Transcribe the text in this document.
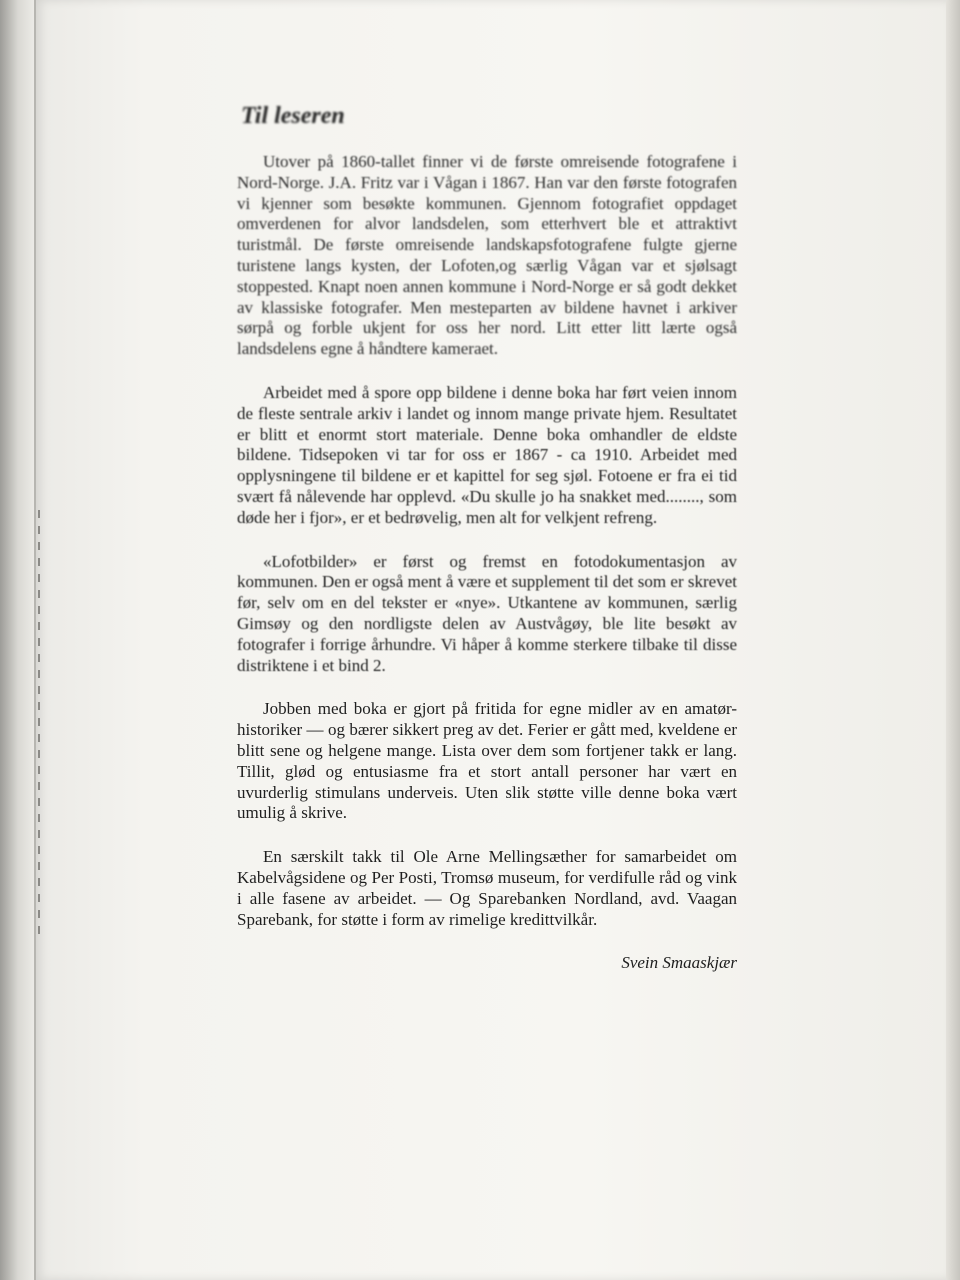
Til leseren

Utover på 1860-tallet finner vi de første omreisende fotografene i Nord-Norge. J.A. Fritz var i Vågan i 1867. Han var den første fotografen vi kjenner som besøkte kommunen. Gjennom fotografiet oppdaget omverdenen for alvor landsdelen, som etterhvert ble et attraktivt turistmål. De første omreisende landskapsfotografene fulgte gjerne turistene langs kysten, der Lofoten,og særlig Vågan var et sjølsagt stoppested. Knapt noen annen kommune i Nord-Norge er så godt dekket av klassiske fotografer. Men mesteparten av bildene havnet i arkiver sørpå og forble ukjent for oss her nord. Litt etter litt lærte også landsdelens egne å håndtere kameraet.

Arbeidet med å spore opp bildene i denne boka har ført veien innom de fleste sentrale arkiv i landet og innom mange private hjem. Resultatet er blitt et enormt stort materiale. Denne boka omhandler de eldste bildene. Tidsepoken vi tar for oss er 1867 - ca 1910. Arbeidet med opplysningene til bildene er et kapittel for seg sjøl. Fotoene er fra ei tid svært få nålevende har opplevd. «Du skulle jo ha snakket med........, som døde her i fjor», er et bedrøvelig, men alt for velkjent refreng.

«Lofotbilder» er først og fremst en fotodokumentasjon av kommunen. Den er også ment å være et supplement til det som er skrevet før, selv om en del tekster er «nye». Utkantene av kommunen, særlig Gimsøy og den nordligste delen av Austvågøy, ble lite besøkt av fotografer i forrige århundre. Vi håper å komme sterkere tilbake til disse distriktene i et bind 2.

Jobben med boka er gjort på fritida for egne midler av en amatør-historiker — og bærer sikkert preg av det. Ferier er gått med, kveldene er blitt sene og helgene mange. Lista over dem som fortjener takk er lang. Tillit, glød og entusiasme fra et stort antall personer har vært en uvurderlig stimulans underveis. Uten slik støtte ville denne boka vært umulig å skrive.

En særskilt takk til Ole Arne Mellingsæther for samarbeidet om Kabelvågsidene og Per Posti, Tromsø museum, for verdifulle råd og vink i alle fasene av arbeidet. — Og Sparebanken Nordland, avd. Vaagan Sparebank, for støtte i form av rimelige kredittvilkår.

Svein Smaaskjær
